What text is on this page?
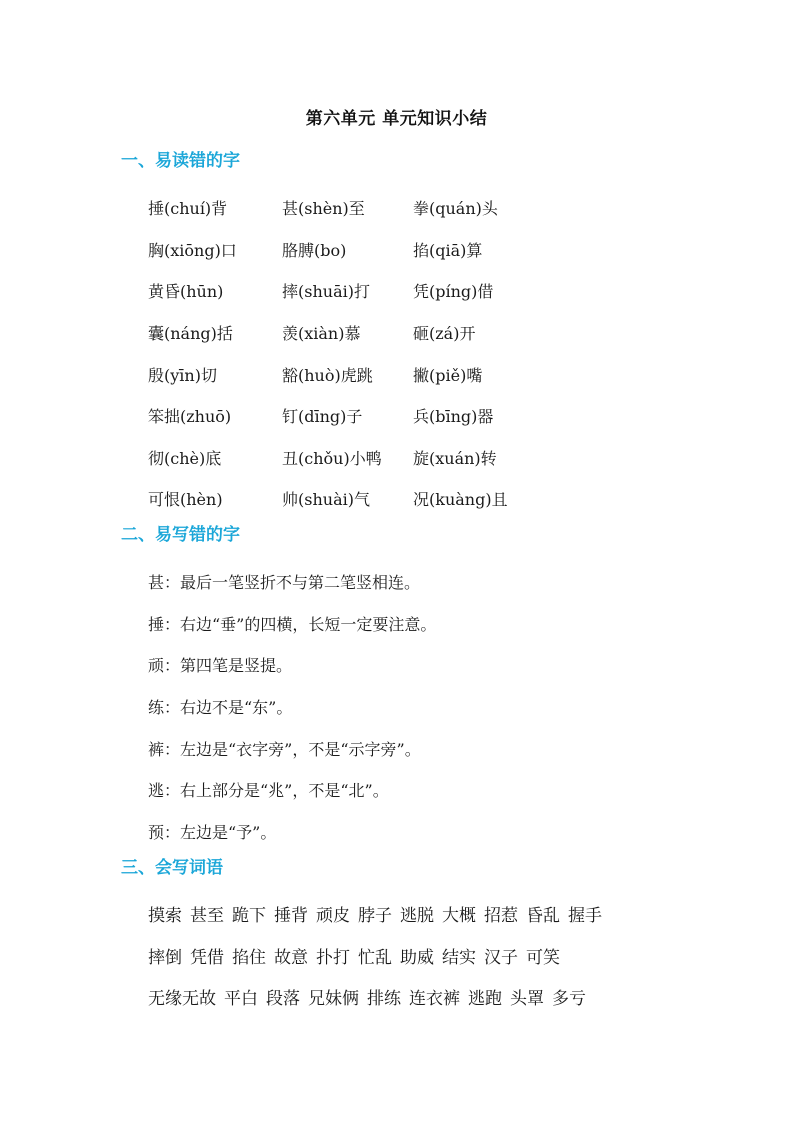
第六单元 单元知识小结
一、易读错的字
捶(chuí)背	甚(shèn)至	拳(quán)头
胸(xiōng)口	胳膊(bo)	掐(qiā)算
黄昏(hūn)	摔(shuāi)打	凭(píng)借
囊(náng)括	羡(xiàn)慕	砸(zá)开
殷(yīn)切	豁(huò)虎跳	撇(piě)嘴
笨拙(zhuō)	钉(dīng)子	兵(bīng)器
彻(chè)底	丑(chǒu)小鸭	旋(xuán)转
可恨(hèn)	帅(shuài)气	况(kuàng)且
二、易写错的字
甚：最后一笔竖折不与第二笔竖相连。
捶：右边“垂”的四横，长短一定要注意。
顽：第四笔是竖提。
练：右边不是“东”。
裤：左边是“衣字旁”，不是“示字旁”。
逃：右上部分是“兆”，不是“北”。
预：左边是“予”。
三、会写词语
摸索 甚至 跪下 捶背 顽皮 脖子 逃脱 大概 招惹 昏乱 握手
摔倒 凭借 掐住 故意 扑打 忙乱 助威 结实 汉子 可笑
无缘无故 平白 段落 兄妹俩 排练 连衣裤 逃跑 头罩 多亏
